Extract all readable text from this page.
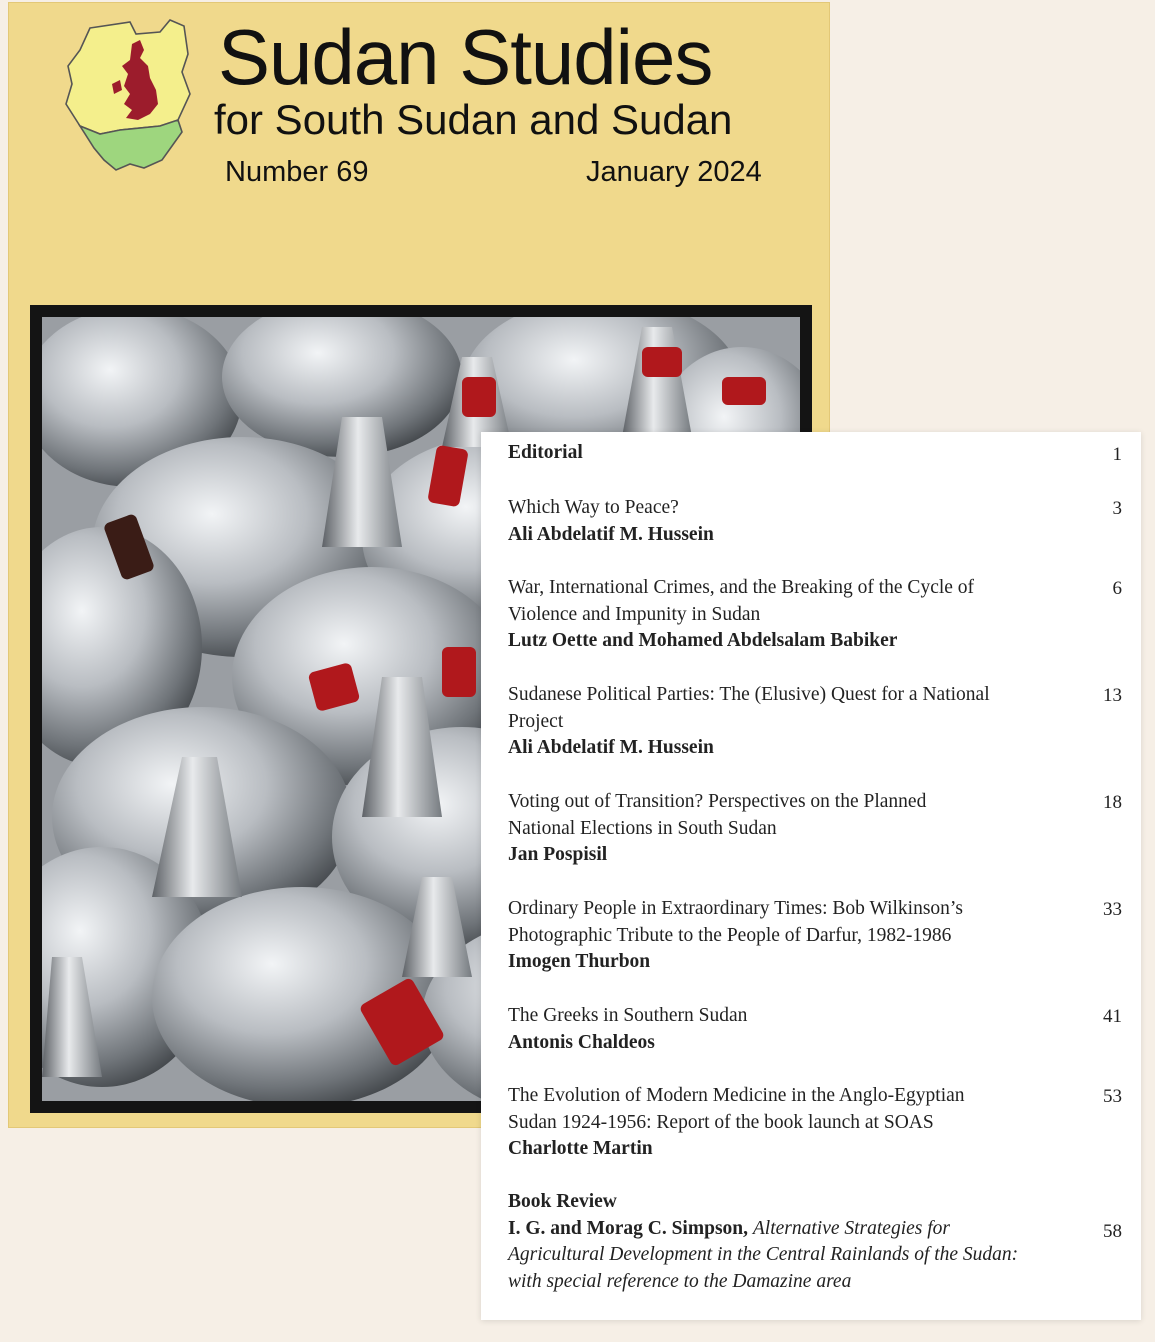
Sudan Studies
for South Sudan and Sudan
Number 69	January 2024
Editorial	1
Which Way to Peace?
Ali Abdelatif M. Hussein
3
War, International Crimes, and the Breaking of the Cycle of
Violence and Impunity in Sudan
Lutz Oette and Mohamed Abdelsalam Babiker
6
Sudanese Political Parties: The (Elusive) Quest for a National
Project
Ali Abdelatif M. Hussein
13
Voting out of Transition? Perspectives on the Planned
National Elections in South Sudan
Jan Pospisil
18
Ordinary People in Extraordinary Times: Bob Wilkinson’s
Photographic Tribute to the People of Darfur, 1982-1986
Imogen Thurbon
33
The Greeks in Southern Sudan
Antonis Chaldeos
41
The Evolution of Modern Medicine in the Anglo-Egyptian
Sudan 1924-1956: Report of the book launch at SOAS
Charlotte Martin
53
Book Review
I. G. and Morag C. Simpson, Alternative Strategies for
Agricultural Development in the Central Rainlands of the Sudan:
with special reference to the Damazine area
58
